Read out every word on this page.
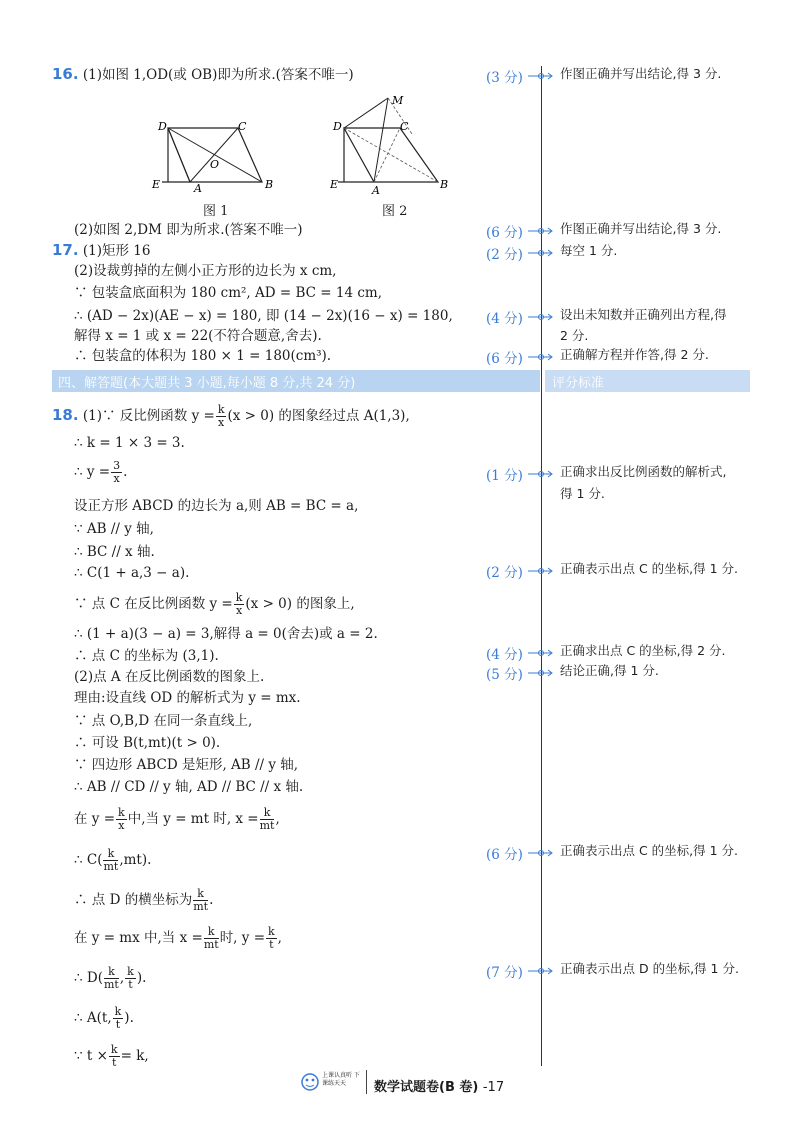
16. (1)如图 1,OD(或 OB)即为所求.(答案不唯一)
D	C
O
E	A	B
图 1
M
D	C
E	A	B
图 2
(2)如图 2,DM 即为所求.(答案不唯一)
17. (1)矩形 16
(2)设裁剪掉的左侧小正方形的边长为 x cm,
∵ 包装盒底面积为 180 cm², AD = BC = 14 cm,
∴ (AD − 2x)(AE − x) = 180, 即 (14 − 2x)(16 − x) = 180,
解得 x = 1 或 x = 22(不符合题意,舍去).
∴ 包装盒的体积为 180 × 1 = 180(cm³).
四、解答题(本大题共 3 小题,每小题 8 分,共 24 分)	评分标准
18. (1)∵ 反比例函数 $y = \frac{k}{x} (x > 0)$ 的图象经过点 A(1,3),
∴ k = 1 × 3 = 3.
∴ $y = \frac{3}{x}$ .
设正方形 ABCD 的边长为 a,则 AB = BC = a,
∵ AB // y 轴,
∴ BC // x 轴.
∴ C(1 + a,3 − a).
∵ 点 C 在反比例函数 $y = \frac{k}{x} (x > 0)$ 的图象上,
∴ (1 + a)(3 − a) = 3,解得 a = 0(舍去)或 a = 2.
∴ 点 C 的坐标为 (3,1).
(2)点 A 在反比例函数的图象上.
理由:设直线 OD 的解析式为 y = mx.
∵ 点 O,B,D 在同一条直线上,
∴ 可设 B(t,mt)(t > 0).
∵ 四边形 ABCD 是矩形, AB // y 轴,
∴ AB // CD // y 轴, AD // BC // x 轴.
在 $y = \frac{k}{x}$ 中,当 y = mt 时, $x = \frac{k}{mt}$ ,
∴ $C( \frac{k}{mt} ,mt)$.
∴ 点 D 的横坐标为 $\frac{k}{mt}$ .
在 y = mx 中,当 $x = \frac{k}{mt}$ 时, $y = \frac{k}{t}$ ,
∴ $D( \frac{k}{mt}$ , $\frac{k}{t}$ ).
∴ A(t, $\frac{k}{t}$ ).
∵ $t \times \frac{k}{t} = k$,
(3 分)	作图正确并写出结论,得 3 分.
(6 分)	作图正确并写出结论,得 3 分.
(2 分)	每空 1 分.
(4 分)	设出未知数并正确列出方程,得
2 分.
(6 分)	正确解方程并作答,得 2 分.
(1 分)	正确求出反比例函数的解析式,
得 1 分.
(2 分)	正确表示出点 C 的坐标,得 1 分.
(4 分)	正确求出点 C 的坐标,得 2 分.
(5 分)	结论正确,得 1 分.
(6 分)	正确表示出点 C 的坐标,得 1 分.
(7 分)	正确表示出点 D 的坐标,得 1 分.
上课认真听 下课练天天	数学试题卷(B 卷) -17
